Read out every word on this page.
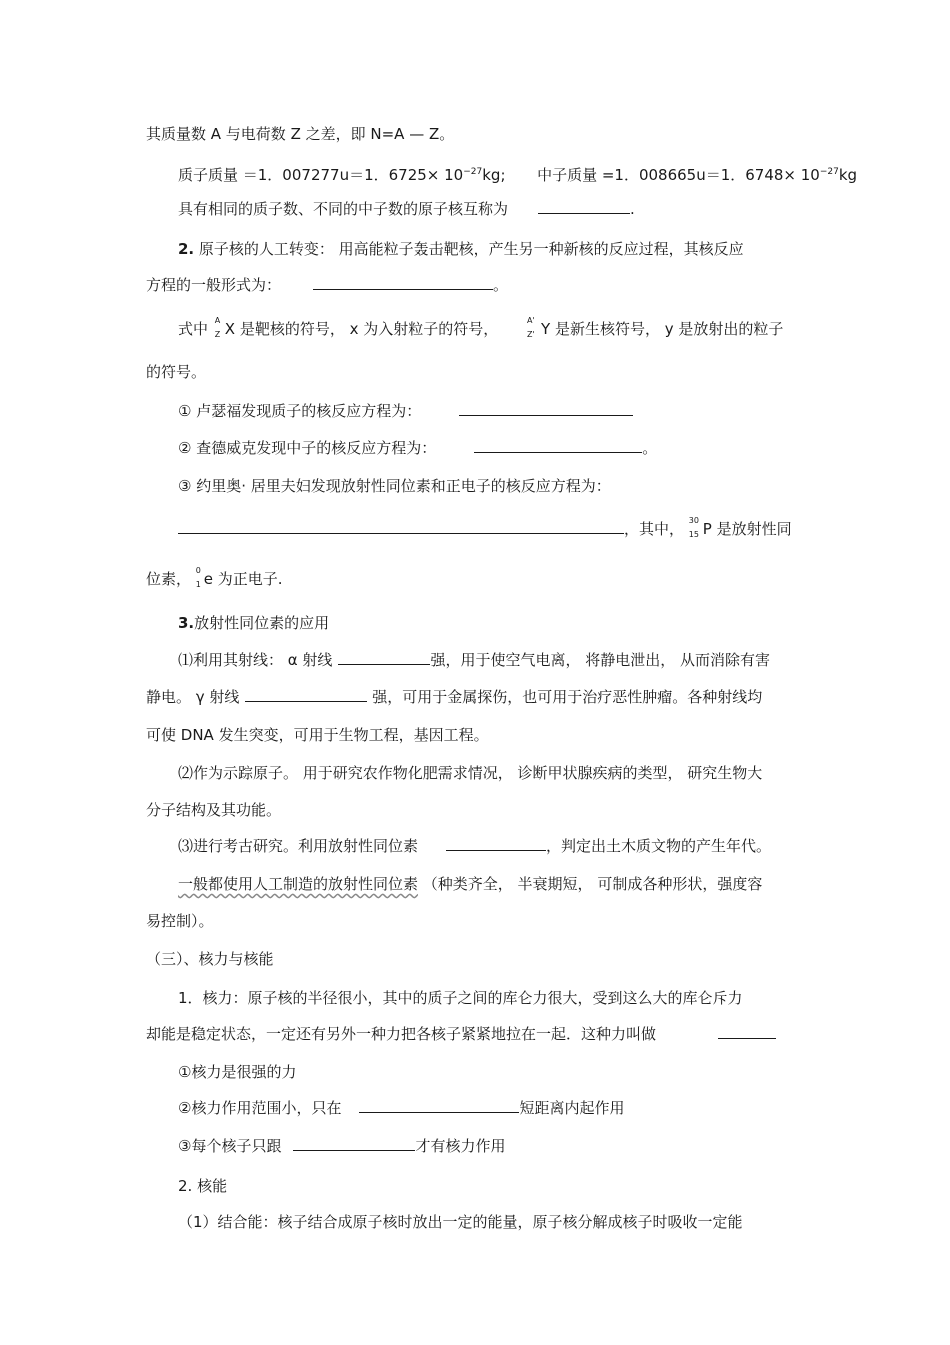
其质量数 A 与电荷数 Z 之差，即 N=A — Z。
质子质量 ＝1．007277u＝1．$6725\times 10^{-27}kg$; 中子质量 =1．008665u＝1．$6748\times 10^{-27}kg$
具有相同的质子数、不同的中子数的原子核互称为	.
2. 原子核的人工转变： 用高能粒子轰击靶核，产生另一种新核的反应过程，其核反应
方程的一般形式为：	。
式中 A
Z X 是靶核的符号， x 为入射粒子的符号，	A'
Z' Y 是新生核符号， y 是放射出的粒子
的符号。
① 卢瑟福发现质子的核反应方程为：
② 查德威克发现中子的核反应方程为：	。
③ 约里奥· 居里夫妇发现放射性同位素和正电子的核反应方程为：
，其中， 30
15 P 是放射性同
位素， 0
1 e 为正电子.
3.放射性同位素的应用
⑴利用其射线： α 射线	强，用于使空气电离， 将静电泄出， 从而消除有害
静电。 γ 射线	强，可用于金属探伤，也可用于治疗恶性肿瘤。各种射线均
可使 DNA 发生突变，可用于生物工程，基因工程。
⑵作为示踪原子。 用于研究农作物化肥需求情况， 诊断甲状腺疾病的类型， 研究生物大
分子结构及其功能。
⑶进行考古研究。利用放射性同位素	，判定出土木质文物的产生年代。
一般都使用人工制造的放射性同位素 （种类齐全， 半衰期短， 可制成各种形状，强度容
易控制）。
（三）、核力与核能
1．核力：原子核的半径很小，其中的质子之间的库仑力很大，受到这么大的库仑斥力
却能是稳定状态，一定还有另外一种力把各核子紧紧地拉在一起．这种力叫做
①核力是很强的力
②核力作用范围小，只在	短距离内起作用
③每个核子只跟	才有核力作用
2. 核能
（1）结合能：核子结合成原子核时放出一定的能量，原子核分解成核子时吸收一定能
